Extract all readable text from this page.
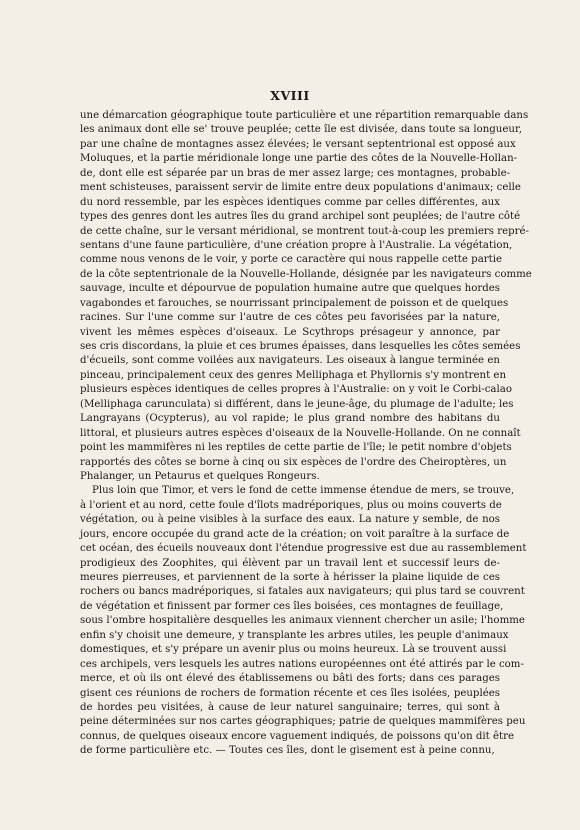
XVIII
une démarcation géographique toute particulière et une répartition remarquable dans
les animaux dont elle se' trouve peuplée; cette île est divisée, dans toute sa longueur,
par une chaîne de montagnes assez élevées; le versant septentrional est opposé aux
Moluques, et la partie méridionale longe une partie des côtes de la Nouvelle-Hollan-
de, dont elle est séparée par un bras de mer assez large; ces montagnes, probable-
ment schisteuses, paraissent servir de limite entre deux populations d'animaux; celle
du nord ressemble, par les espèces identiques comme par celles différentes, aux
types des genres dont les autres îles du grand archipel sont peuplées; de l'autre côté
de cette chaîne, sur le versant méridional, se montrent tout-à-coup les premiers repré-
sentans d'une faune particulière, d'une création propre à l'Australie. La végétation,
comme nous venons de le voir, y porte ce caractère qui nous rappelle cette partie
de la côte septentrionale de la Nouvelle-Hollande, désignée par les navigateurs comme
sauvage, inculte et dépourvue de population humaine autre que quelques hordes
vagabondes et farouches, se nourrissant principalement de poisson et de quelques
racines. Sur l'une comme sur l'autre de ces côtes peu favorisées par la nature,
vivent les mêmes espèces d'oiseaux. Le Scythrops présageur y annonce, par
ses cris discordans, la pluie et ces brumes épaisses, dans lesquelles les côtes semées
d'écueils, sont comme voilées aux navigateurs. Les oiseaux à langue terminée en
pinceau, principalement ceux des genres Melliphaga et Phyllornis s'y montrent en
plusieurs espèces identiques de celles propres à l'Australie: on y voit le Corbi-calao
(Melliphaga carunculata) si différent, dans le jeune-âge, du plumage de l'adulte; les
Langrayans (Ocypterus), au vol rapide; le plus grand nombre des habitans du
littoral, et plusieurs autres espèces d'oiseaux de la Nouvelle-Hollande. On ne connaît
point les mammifères ni les reptiles de cette partie de l'île; le petit nombre d'objets
rapportés des côtes se borne à cinq ou six espèces de l'ordre des Cheiroptères, un
Phalanger, un Petaurus et quelques Rongeurs.
Plus loin que Timor, et vers le fond de cette immense étendue de mers, se trouve,
à l'orient et au nord, cette foule d'îlots madréporiques, plus ou moins couverts de
végétation, ou à peine visibles à la surface des eaux. La nature y semble, de nos
jours, encore occupée du grand acte de la création; on voit paraître à la surface de
cet océan, des écueils nouveaux dont l'étendue progressive est due au rassemblement
prodigieux des Zoophites, qui élèvent par un travail lent et successif leurs de-
meures pierreuses, et parviennent de la sorte à hérisser la plaine liquide de ces
rochers ou bancs madréporiques, si fatales aux navigateurs; qui plus tard se couvrent
de végétation et finissent par former ces îles boisées, ces montagnes de feuillage,
sous l'ombre hospitalière desquelles les animaux viennent chercher un asile; l'homme
enfin s'y choisit une demeure, y transplante les arbres utiles, les peuple d'animaux
domestiques, et s'y prépare un avenir plus ou moins heureux. Là se trouvent aussi
ces archipels, vers lesquels les autres nations européennes ont été attirés par le com-
merce, et où ils ont élevé des établissemens ou bâti des forts; dans ces parages
gisent ces réunions de rochers de formation récente et ces îles isolées, peuplées
de hordes peu visitées, à cause de leur naturel sanguinaire; terres, qui sont à
peine déterminées sur nos cartes géographiques; patrie de quelques mammifères peu
connus, de quelques oiseaux encore vaguement indiqués, de poissons qu'on dit être
de forme particulière etc. — Toutes ces îles, dont le gisement est à peine connu,
